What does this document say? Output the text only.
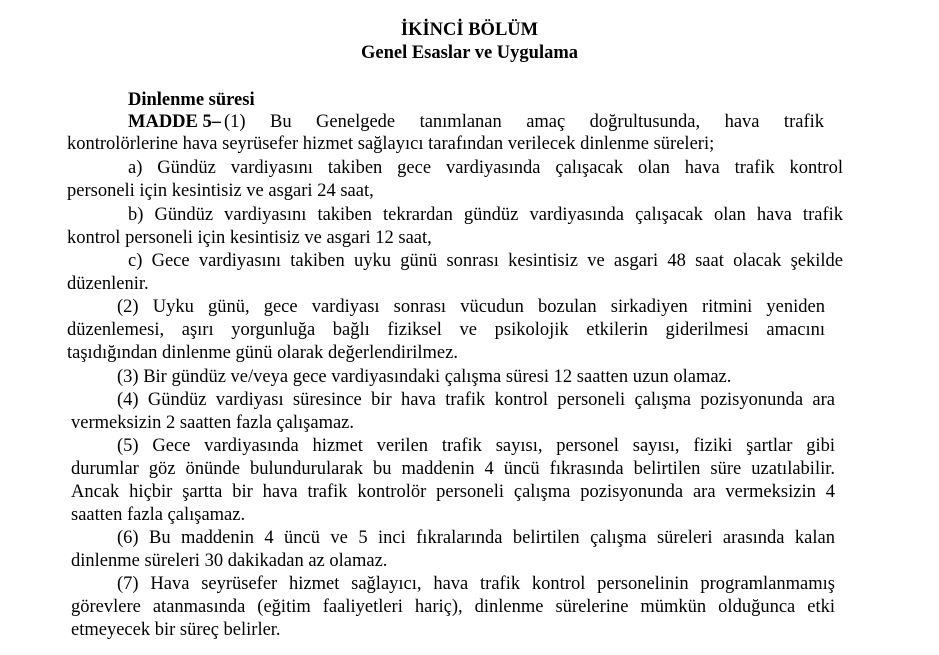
İKİNCİ BÖLÜM
Genel Esaslar ve Uygulama
Dinlenme süresi
MADDE 5– (1) Bu Genelgede tanımlanan amaç doğrultusunda, hava trafik
kontrolörlerine hava seyrüsefer hizmet sağlayıcı tarafından verilecek dinlenme süreleri;
a) Gündüz vardiyasını takiben gece vardiyasında çalışacak olan hava trafik kontrol
personeli için kesintisiz ve asgari 24 saat,
b) Gündüz vardiyasını takiben tekrardan gündüz vardiyasında çalışacak olan hava trafik
kontrol personeli için kesintisiz ve asgari 12 saat,
c) Gece vardiyasını takiben uyku günü sonrası kesintisiz ve asgari 48 saat olacak şekilde
düzenlenir.
(2) Uyku günü, gece vardiyası sonrası vücudun bozulan sirkadiyen ritmini yeniden
düzenlemesi, aşırı yorgunluğa bağlı fiziksel ve psikolojik etkilerin giderilmesi amacını
taşıdığından dinlenme günü olarak değerlendirilmez.
(3) Bir gündüz ve/veya gece vardiyasındaki çalışma süresi 12 saatten uzun olamaz.
(4) Gündüz vardiyası süresince bir hava trafik kontrol personeli çalışma pozisyonunda ara
vermeksizin 2 saatten fazla çalışamaz.
(5) Gece vardiyasında hizmet verilen trafik sayısı, personel sayısı, fiziki şartlar gibi
durumlar göz önünde bulundurularak bu maddenin 4 üncü fıkrasında belirtilen süre uzatılabilir.
Ancak hiçbir şartta bir hava trafik kontrolör personeli çalışma pozisyonunda ara vermeksizin 4
saatten fazla çalışamaz.
(6) Bu maddenin 4 üncü ve 5 inci fıkralarında belirtilen çalışma süreleri arasında kalan
dinlenme süreleri 30 dakikadan az olamaz.
(7) Hava seyrüsefer hizmet sağlayıcı, hava trafik kontrol personelinin programlanmamış
görevlere atanmasında (eğitim faaliyetleri hariç), dinlenme sürelerine mümkün olduğunca etki
etmeyecek bir süreç belirler.
